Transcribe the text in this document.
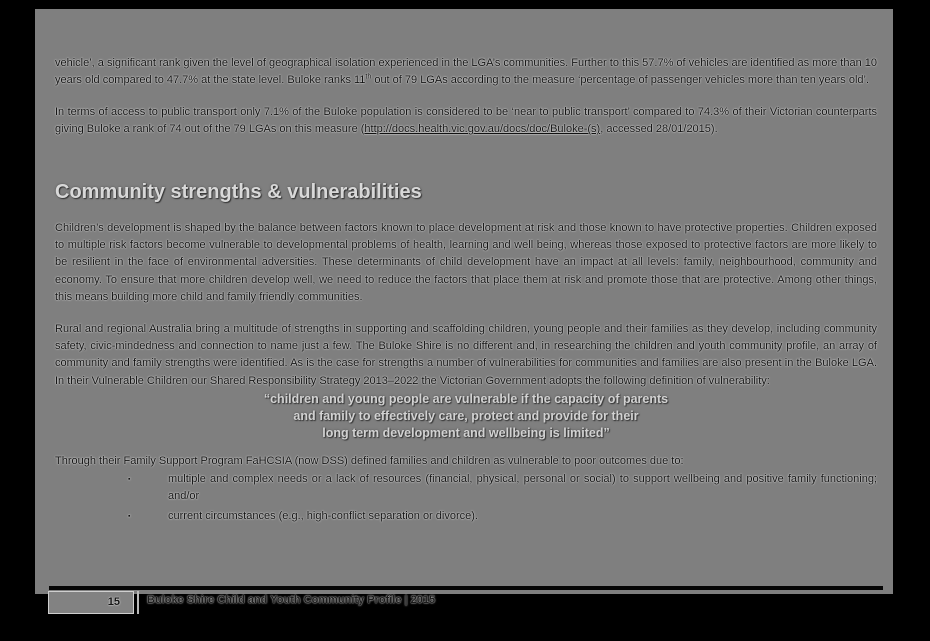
vehicle’, a significant rank given the level of geographical isolation experienced in the LGA’s communities. Further to this 57.7% of vehicles are identified as more than 10 years old compared to 47.7% at the state level. Buloke ranks 11th out of 79 LGAs according to the measure ‘percentage of passenger vehicles more than ten years old’.

In terms of access to public transport only 7.1% of the Buloke population is considered to be ‘near to public transport’ compared to 74.3% of their Victorian counterparts giving Buloke a rank of 74 out of the 79 LGAs on this measure (http://docs.health.vic.gov.au/docs/doc/Buloke-(s), accessed 28/01/2015).

Community strengths & vulnerabilities

Children’s development is shaped by the balance between factors known to place development at risk and those known to have protective properties. Children exposed to multiple risk factors become vulnerable to developmental problems of health, learning and well being, whereas those exposed to protective factors are more likely to be resilient in the face of environmental adversities. These determinants of child development have an impact at all levels: family, neighbourhood, community and economy. To ensure that more children develop well, we need to reduce the factors that place them at risk and promote those that are protective. Among other things, this means building more child and family friendly communities.

Rural and regional Australia bring a multitude of strengths in supporting and scaffolding children, young people and their families as they develop, including community safety, civic-mindedness and connection to name just a few. The Buloke Shire is no different and, in researching the children and youth community profile, an array of community and family strengths were identified. As is the case for strengths a number of vulnerabilities for communities and families are also present in the Buloke LGA. In their Vulnerable Children our Shared Responsibility Strategy 2013–2022 the Victorian Government adopts the following definition of vulnerability:

“children and young people are vulnerable if the capacity of parents
and family to effectively care, protect and provide for their
long term development and wellbeing is limited”

Through their Family Support Program FaHCSIA (now DSS) defined families and children as vulnerable to poor outcomes due to:

▪	multiple and complex needs or a lack of resources (financial, physical, personal or social) to support wellbeing and positive family functioning; and/or
▪	current circumstances (e.g., high-conflict separation or divorce).
15	Buloke Shire Child and Youth Community Profile | 2015
